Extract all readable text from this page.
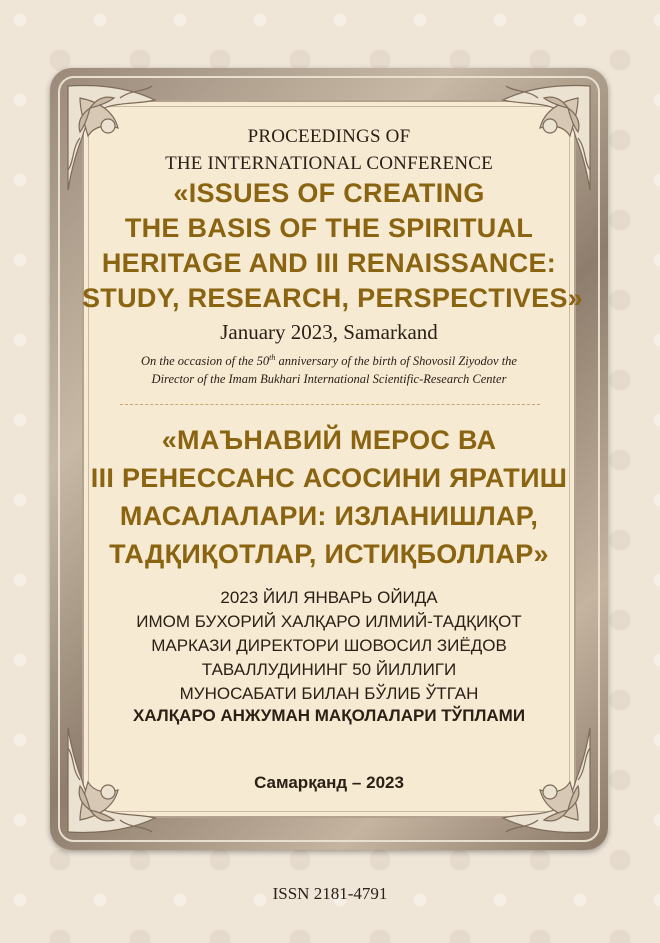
PROCEEDINGS OF
THE INTERNATIONAL CONFERENCE
«ISSUES OF CREATING
THE BASIS OF THE SPIRITUAL
HERITAGE AND III RENAISSANCE:
STUDY, RESEARCH, PERSPECTIVES»
January 2023, Samarkand
On the occasion of the 50th anniversary of the birth of Shovosil Ziyodov the
Director of the Imam Bukhari International Scientific-Research Center
«МАЪНАВИЙ МЕРОС ВА
III РЕНЕССАНС АСОСИНИ ЯРАТИШ
МАСАЛАЛАРИ: ИЗЛАНИШЛАР,
ТАДҚИҚОТЛАР, ИСТИҚБОЛЛАР»
2023 ЙИЛ ЯНВАРЬ ОЙИДА
ИМОМ БУХОРИЙ ХАЛҚАРО ИЛМИЙ-ТАДҚИҚОТ
МАРКАЗИ ДИРЕКТОРИ ШОВОСИЛ ЗИЁДОВ
ТАВАЛЛУДИНИНГ 50 ЙИЛЛИГИ
МУНОСАБАТИ БИЛАН БЎЛИБ ЎТГАН
ХАЛҚАРО АНЖУМАН МАҚОЛАЛАРИ ТЎПЛАМИ
Самарқанд – 2023
ISSN 2181-4791
